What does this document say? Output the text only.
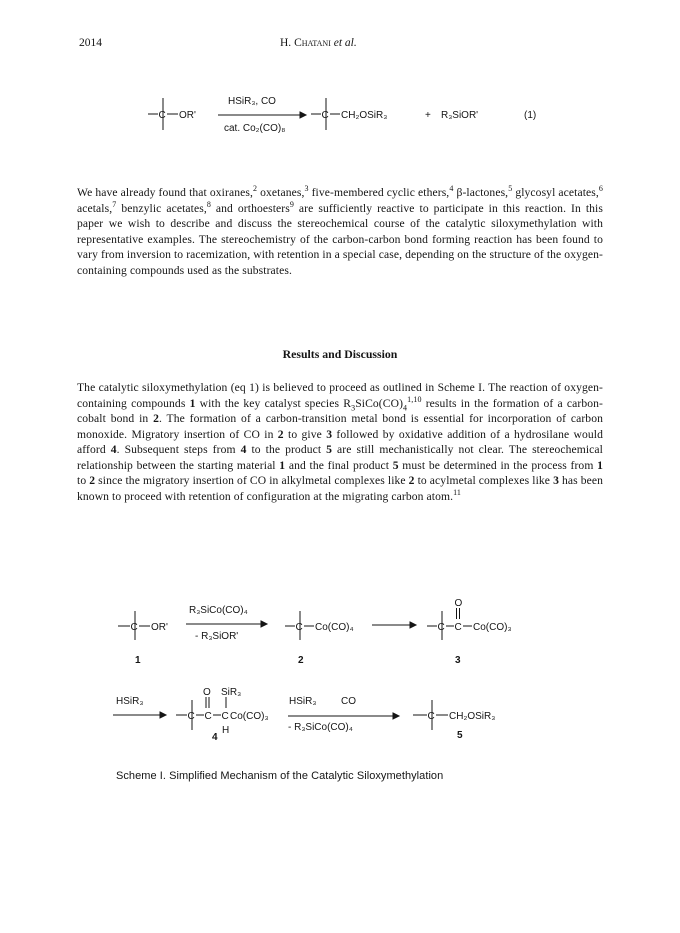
2014	H. Chatani et al.
C OR'
HSiR₃, CO
cat. Co₂(CO)₈
C CH₂OSiR₃	+ R₃SiOR'	(1)
C OR'
R₃SiCo(CO)₄
- R₃SiOR'
1
C Co(CO)₄
2
C C
O
Co(CO)₃
3
HSiR₃
C C
O
C
SiR₃
H
Co(CO)₃
4
HSiR₃ CO
- R₃SiCo(CO)₄
C CH₂OSiR₃
5

We have already found that oxiranes,$^2$ oxetanes,$^3$ five-membered cyclic ethers,$^4$ β-lactones,$^5$ glycosyl acetates,$^6$ acetals,$^7$ benzylic acetates,$^8$ and orthoesters$^9$ are sufficiently reactive to participate in this reaction. In this paper we wish to describe and discuss the stereochemical course of the catalytic siloxymethylation with representative examples. The stereochemistry of the carbon-carbon bond forming reaction has been found to vary from inversion to racemization, with retention in a special case, depending on the structure of the oxygen-containing compounds used as the substrates.

Results and Discussion

The catalytic siloxymethylation (eq 1) is believed to proceed as outlined in Scheme I. The reaction of oxygen-containing compounds 1 with the key catalyst species $R_3SiCo(CO)_4^{1,10}$ results in the formation of a carbon-cobalt bond in 2. The formation of a carbon-transition metal bond is essential for incorporation of carbon monoxide. Migratory insertion of CO in 2 to give 3 followed by oxidative addition of a hydrosilane would afford 4. Subsequent steps from 4 to the product 5 are still mechanistically not clear. The stereochemical relationship between the starting material 1 and the final product 5 must be determined in the process from 1 to 2 since the migratory insertion of CO in alkylmetal complexes like 2 to acylmetal complexes like 3 has been known to proceed with retention of configuration at the migrating carbon atom.$^{11}$

Scheme I. Simplified Mechanism of the Catalytic Siloxymethylation
